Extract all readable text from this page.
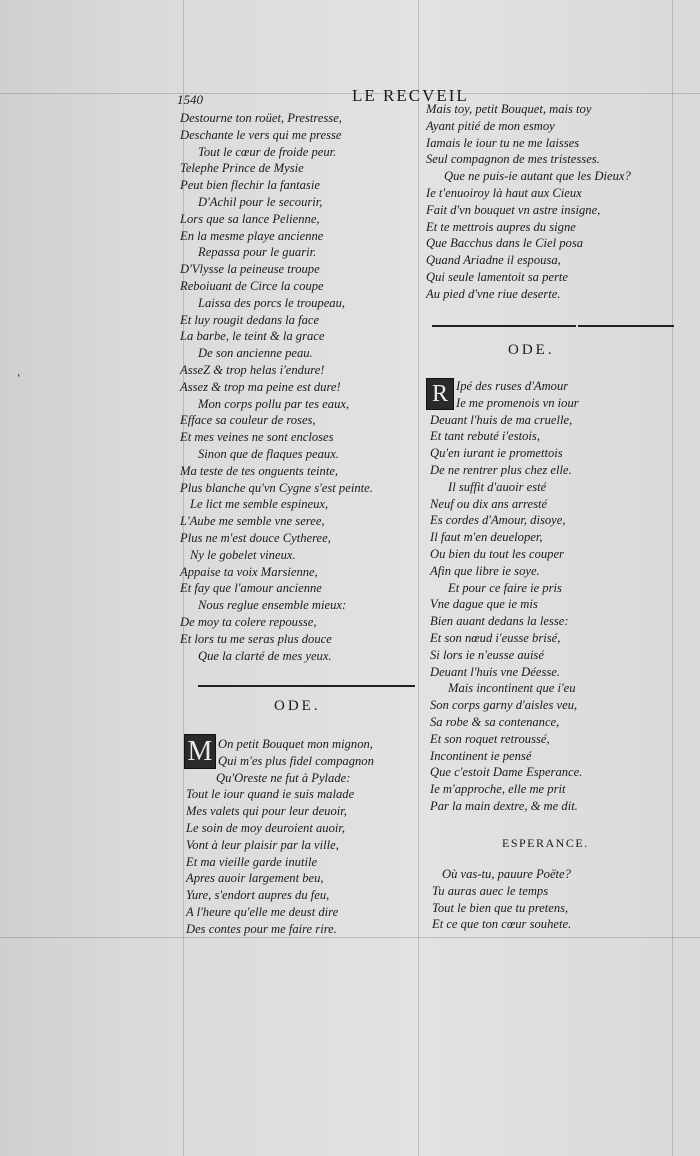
1540	LE RECVEIL
‘
Destourne ton roüet, Prestresse,
Deschante le vers qui me presse
Tout le cœur de froide peur.
Telephe Prince de Mysie
Peut bien flechir la fantasie
D'Achil pour le secourir,
Lors que sa lance Pelienne,
En la mesme playe ancienne
Repassa pour le guarir.
D'Vlysse la peineuse troupe
Reboiuant de Circe la coupe
Laissa des porcs le troupeau,
Et luy rougit dedans la face
La barbe, le teint & la grace
De son ancienne peau.
AsseZ & trop helas i'endure!
Assez & trop ma peine est dure!
Mon corps pollu par tes eaux,
Efface sa couleur de roses,
Et mes veines ne sont encloses
Sinon que de flaques peaux.
Ma teste de tes onguents teinte,
Plus blanche qu'vn Cygne s'est peinte.
Le lict me semble espineux,
L'Aube me semble vne seree,
Plus ne m'est douce Cytheree,
Ny le gobelet vineux.
Appaise ta voix Marsienne,
Et fay que l'amour ancienne
Nous reglue ensemble mieux:
De moy ta colere repousse,
Et lors tu me seras plus douce
Que la clarté de mes yeux.
ODE.
M On petit Bouquet mon mignon,
Qui m'es plus fidel compagnon
Qu'Oreste ne fut à Pylade:
Tout le iour quand ie suis malade
Mes valets qui pour leur deuoir,
Le soin de moy deuroient auoir,
Vont à leur plaisir par la ville,
Et ma vieille garde inutile
Apres auoir largement beu,
Yure, s'endort aupres du feu,
A l'heure qu'elle me deust dire
Des contes pour me faire rire.
Mais toy, petit Bouquet, mais toy
Ayant pitié de mon esmoy
Iamais le iour tu ne me laisses
Seul compagnon de mes tristesses.
Que ne puis-ie autant que les Dieux?
Ie t'enuoiroy là haut aux Cieux
Fait d'vn bouquet vn astre insigne,
Et te mettrois aupres du signe
Que Bacchus dans le Ciel posa
Quand Ariadne il espousa,
Qui seule lamentoit sa perte
Au pied d'vne riue deserte.
ODE.
R Ipé des ruses d'Amour
Ie me promenois vn iour
Deuant l'huis de ma cruelle,
Et tant rebuté i'estois,
Qu'en iurant ie promettois
De ne rentrer plus chez elle.
Il suffit d'auoir esté
Neuf ou dix ans arresté
Es cordes d'Amour, disoye,
Il faut m'en deueloper,
Ou bien du tout les couper
Afin que libre ie soye.
Et pour ce faire ie pris
Vne dague que ie mis
Bien auant dedans la lesse:
Et son nœud i'eusse brisé,
Si lors ie n'eusse auisé
Deuant l'huis vne Déesse.
Mais incontinent que i'eu
Son corps garny d'aisles veu,
Sa robe & sa contenance,
Et son roquet retroussé,
Incontinent ie pensé
Que c'estoit Dame Esperance.
Ie m'approche, elle me prit
Par la main dextre, & me dit.
ESPERANCE.
Où vas-tu, pauure Poëte?
Tu auras auec le temps
Tout le bien que tu pretens,
Et ce que ton cœur souhete.
